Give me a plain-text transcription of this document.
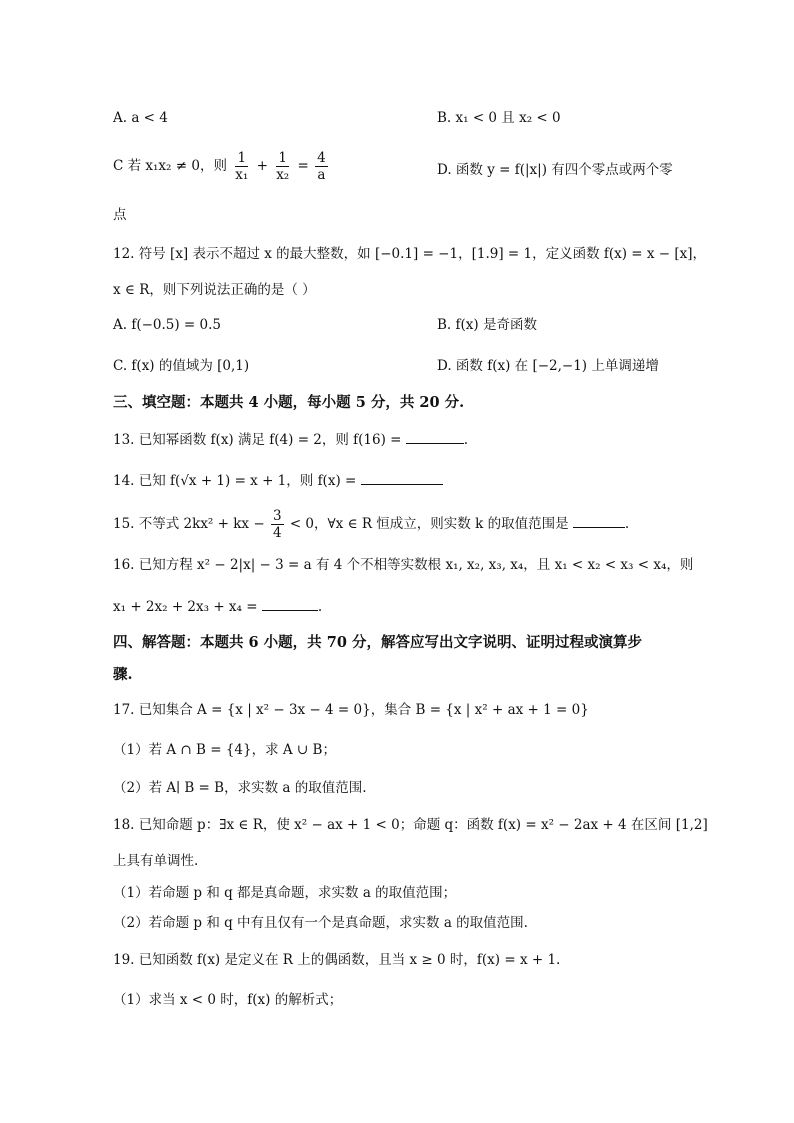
A. a < 4	B. x₁ < 0 且 x₂ < 0
C 若 x₁x₂ ≠ 0，则 $\frac{1}{\text{x₁}} + \frac{1}{\text{x₂}} = \frac{4}{a}$	D. 函数 y = f(|x|) 有四个零点或两个零
点
12. 符号 [x] 表示不超过 x 的最大整数，如 [−0.1] = −1，[1.9] = 1，定义函数 f(x) = x − [x]，
x ∈ R，则下列说法正确的是（ ）
A. f(−0.5) = 0.5	B. f(x) 是奇函数
C. f(x) 的值域为 [0,1)	D. 函数 f(x) 在 [−2,−1) 上单调递增
三、填空题：本题共 4 小题，每小题 5 分，共 20 分.
13. 已知幂函数 f(x) 满足 f(4) = 2，则 f(16) =	.
14. 已知 f(√x + 1) = x + 1，则 f(x) =
15. 不等式 2kx² + kx − $\frac{3}{4} < 0$，∀x ∈ R 恒成立，则实数 k 的取值范围是	.
16. 已知方程 x² − 2|x| − 3 = a 有 4 个不相等实数根 x₁, x₂, x₃, x₄，且 x₁ < x₂ < x₃ < x₄，则
x₁ + 2x₂ + 2x₃ + x₄ =	.
四、解答题：本题共 6 小题，共 70 分，解答应写出文字说明、证明过程或演算步
骤.
17. 已知集合 A = {x | x² − 3x − 4 = 0}，集合 B = {x | x² + ax + 1 = 0}
（1）若 A ∩ B = {4}，求 A ∪ B；
（2）若 A∣ B = B，求实数 a 的取值范围.
18. 已知命题 p：∃x ∈ R，使 x² − ax + 1 < 0；命题 q：函数 f(x) = x² − 2ax + 4 在区间 [1,2]
上具有单调性.
（1）若命题 p 和 q 都是真命题，求实数 a 的取值范围；
（2）若命题 p 和 q 中有且仅有一个是真命题，求实数 a 的取值范围.
19. 已知函数 f(x) 是定义在 R 上的偶函数，且当 x ≥ 0 时，f(x) = x + 1.
（1）求当 x < 0 时，f(x) 的解析式；
